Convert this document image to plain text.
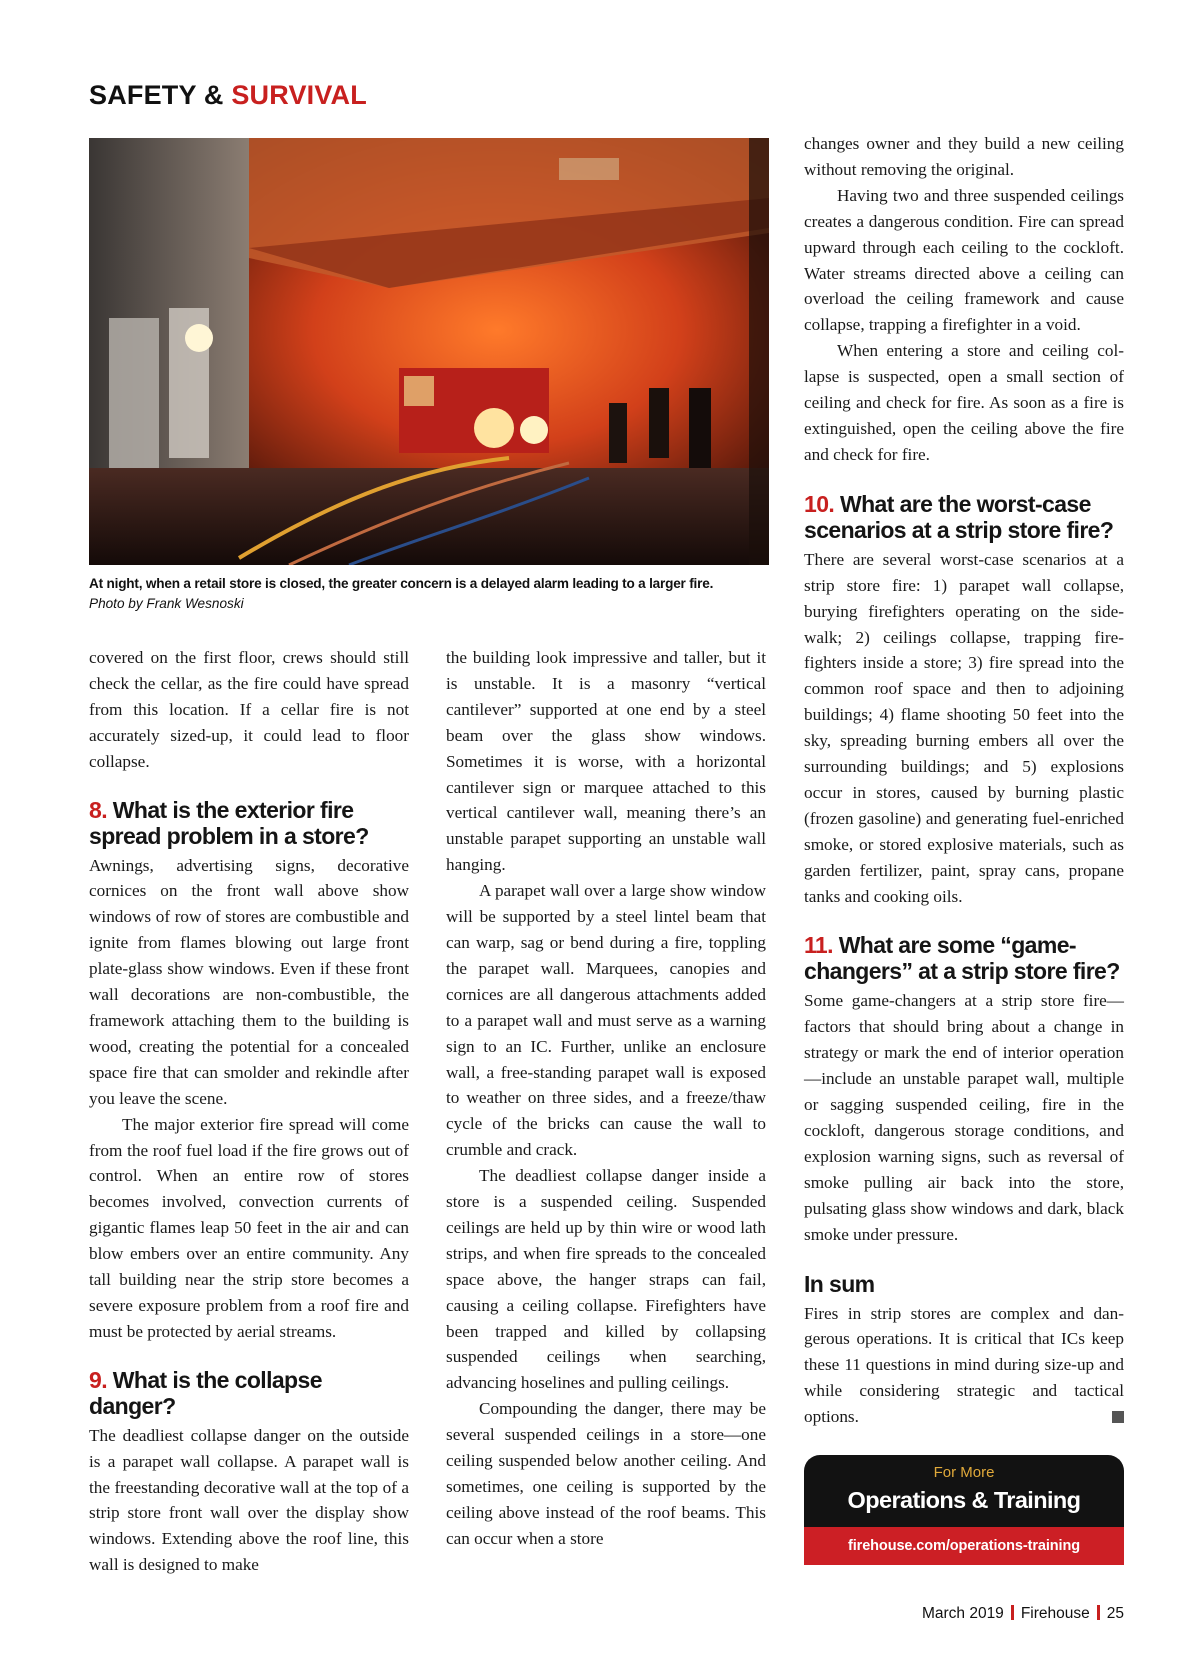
SAFETY & SURVIVAL
At night, when a retail store is closed, the greater concern is a delayed alarm leading to a larger fire.
Photo by Frank Wesnoski

covered on the first floor, crews should still check the cellar, as the fire could have spread from this location. If a cellar fire is not accurately sized-up, it could lead to floor collapse.

8. What is the exterior fire spread problem in a store?

Awnings, advertising signs, decorative cornices on the front wall above show windows of row of stores are combustible and ignite from flames blowing out large front plate-glass show windows. Even if these front wall decorations are non-combustible, the framework attaching them to the building is wood, creating the potential for a concealed space fire that can smolder and rekindle after you leave the scene.

The major exterior fire spread will come from the roof fuel load if the fire grows out of control. When an entire row of stores becomes involved, convection currents of gigantic flames leap 50 feet in the air and can blow embers over an entire community. Any tall building near the strip store becomes a severe exposure problem from a roof fire and must be protected by aerial streams.

9. What is the collapse danger?

The deadliest collapse danger on the outside is a parapet wall collapse. A parapet wall is the freestanding decorative wall at the top of a strip store front wall over the display show windows. Extending above the roof line, this wall is designed to make

the building look impressive and taller, but it is unstable. It is a masonry “vertical cantilever” supported at one end by a steel beam over the glass show windows. Sometimes it is worse, with a horizontal cantilever sign or marquee attached to this vertical cantilever wall, meaning there’s an unstable parapet supporting an unstable wall hanging.

A parapet wall over a large show window will be supported by a steel lintel beam that can warp, sag or bend during a fire, toppling the parapet wall. Marquees, canopies and cornices are all dangerous attachments added to a parapet wall and must serve as a warning sign to an IC. Further, unlike an enclosure wall, a free-standing parapet wall is exposed to weather on three sides, and a freeze/thaw cycle of the bricks can cause the wall to crumble and crack.

The deadliest collapse danger inside a store is a suspended ceiling. Suspended ceilings are held up by thin wire or wood lath strips, and when fire spreads to the concealed space above, the hanger straps can fail, causing a ceiling collapse. Firefighters have been trapped and killed by collapsing suspended ceilings when searching, advancing hoselines and pulling ceilings.

Compounding the danger, there may be several suspended ceilings in a store—one ceiling suspended below another ceiling. And sometimes, one ceiling is supported by the ceiling above instead of the roof beams. This can occur when a store

changes owner and they build a new ceiling without removing the original.

Having two and three suspended ceilings creates a dangerous condition. Fire can spread upward through each ceiling to the cockloft. Water streams directed above a ceiling can overload the ceiling framework and cause collapse, trapping a firefighter in a void.

When entering a store and ceiling collapse is suspected, open a small section of ceiling and check for fire. As soon as a fire is extinguished, open the ceiling above the fire and check for fire.

10. What are the worst-case scenarios at a strip store fire?

There are several worst-case scenarios at a strip store fire: 1) parapet wall collapse, burying firefighters operating on the sidewalk; 2) ceilings collapse, trapping firefighters inside a store; 3) fire spread into the common roof space and then to adjoining buildings; 4) flame shooting 50 feet into the sky, spreading burning embers all over the surrounding buildings; and 5) explosions occur in stores, caused by burning plastic (frozen gasoline) and generating fuel-enriched smoke, or stored explosive materials, such as garden fertilizer, paint, spray cans, propane tanks and cooking oils.

11. What are some “game-changers” at a strip store fire?

Some game-changers at a strip store fire—factors that should bring about a change in strategy or mark the end of interior operation—include an unstable parapet wall, multiple or sagging suspended ceiling, fire in the cockloft, dangerous storage conditions, and explosion warning signs, such as reversal of smoke pulling air back into the store, pulsating glass show windows and dark, black smoke under pressure.

In sum

Fires in strip stores are complex and dangerous operations. It is critical that ICs keep these 11 questions in mind during size-up and while considering strategic and tactical options.

For More
Operations & Training
firehouse.com/operations-training
March 2019 Firehouse 25
